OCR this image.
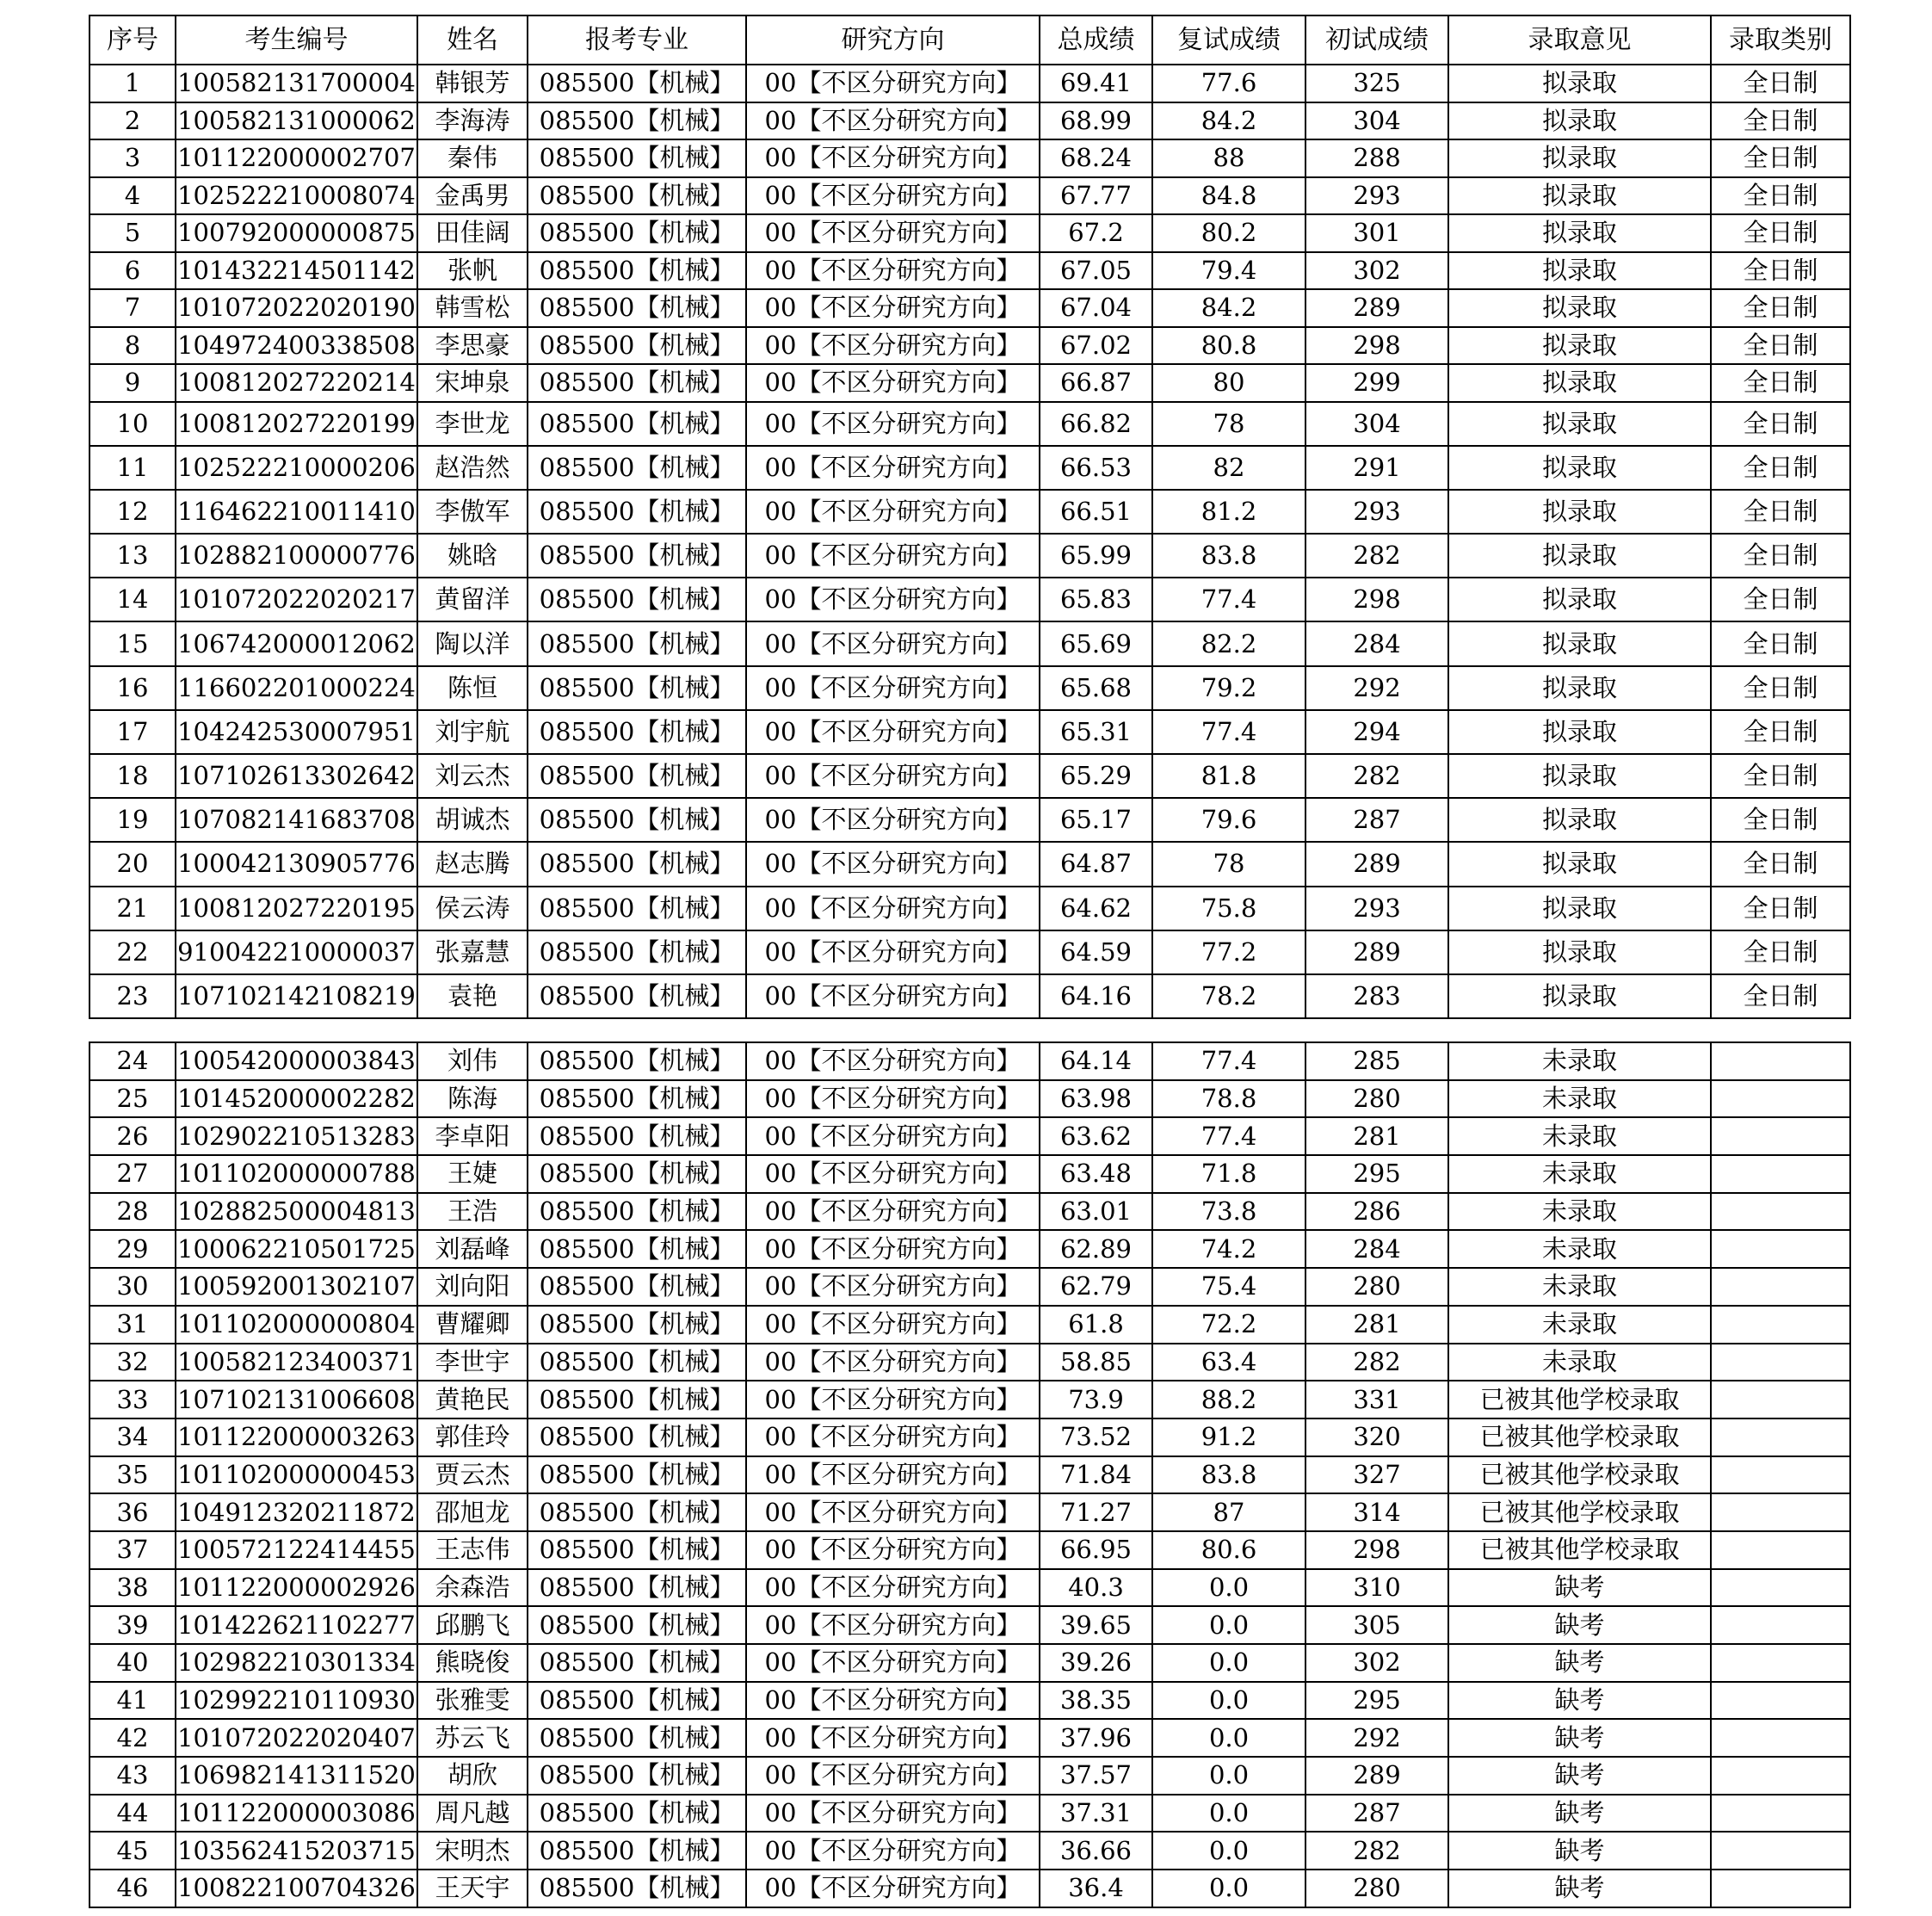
序号	考生编号	姓名	报考专业	研究方向	总成绩	复试成绩	初试成绩	录取意见	录取类别
1	100582131700004	韩银芳	085500【机械】	00【不区分研究方向】	69.41	77.6	325	拟录取	全日制
2	100582131000062	李海涛	085500【机械】	00【不区分研究方向】	68.99	84.2	304	拟录取	全日制
3	101122000002707	秦伟	085500【机械】	00【不区分研究方向】	68.24	88	288	拟录取	全日制
4	102522210008074	金禹男	085500【机械】	00【不区分研究方向】	67.77	84.8	293	拟录取	全日制
5	100792000000875	田佳阔	085500【机械】	00【不区分研究方向】	67.2	80.2	301	拟录取	全日制
6	101432214501142	张帆	085500【机械】	00【不区分研究方向】	67.05	79.4	302	拟录取	全日制
7	101072022020190	韩雪松	085500【机械】	00【不区分研究方向】	67.04	84.2	289	拟录取	全日制
8	104972400338508	李思豪	085500【机械】	00【不区分研究方向】	67.02	80.8	298	拟录取	全日制
9	100812027220214	宋坤泉	085500【机械】	00【不区分研究方向】	66.87	80	299	拟录取	全日制
10	100812027220199	李世龙	085500【机械】	00【不区分研究方向】	66.82	78	304	拟录取	全日制
11	102522210000206	赵浩然	085500【机械】	00【不区分研究方向】	66.53	82	291	拟录取	全日制
12	116462210011410	李傲军	085500【机械】	00【不区分研究方向】	66.51	81.2	293	拟录取	全日制
13	102882100000776	姚晗	085500【机械】	00【不区分研究方向】	65.99	83.8	282	拟录取	全日制
14	101072022020217	黄留洋	085500【机械】	00【不区分研究方向】	65.83	77.4	298	拟录取	全日制
15	106742000012062	陶以洋	085500【机械】	00【不区分研究方向】	65.69	82.2	284	拟录取	全日制
16	116602201000224	陈恒	085500【机械】	00【不区分研究方向】	65.68	79.2	292	拟录取	全日制
17	104242530007951	刘宇航	085500【机械】	00【不区分研究方向】	65.31	77.4	294	拟录取	全日制
18	107102613302642	刘云杰	085500【机械】	00【不区分研究方向】	65.29	81.8	282	拟录取	全日制
19	107082141683708	胡诚杰	085500【机械】	00【不区分研究方向】	65.17	79.6	287	拟录取	全日制
20	100042130905776	赵志腾	085500【机械】	00【不区分研究方向】	64.87	78	289	拟录取	全日制
21	100812027220195	侯云涛	085500【机械】	00【不区分研究方向】	64.62	75.8	293	拟录取	全日制
22	910042210000037	张嘉慧	085500【机械】	00【不区分研究方向】	64.59	77.2	289	拟录取	全日制
23	107102142108219	袁艳	085500【机械】	00【不区分研究方向】	64.16	78.2	283	拟录取	全日制
24	100542000003843	刘伟	085500【机械】	00【不区分研究方向】	64.14	77.4	285	未录取	
25	101452000002282	陈海	085500【机械】	00【不区分研究方向】	63.98	78.8	280	未录取	
26	102902210513283	李卓阳	085500【机械】	00【不区分研究方向】	63.62	77.4	281	未录取	
27	101102000000788	王婕	085500【机械】	00【不区分研究方向】	63.48	71.8	295	未录取	
28	102882500004813	王浩	085500【机械】	00【不区分研究方向】	63.01	73.8	286	未录取	
29	100062210501725	刘磊峰	085500【机械】	00【不区分研究方向】	62.89	74.2	284	未录取	
30	100592001302107	刘向阳	085500【机械】	00【不区分研究方向】	62.79	75.4	280	未录取	
31	101102000000804	曹耀卿	085500【机械】	00【不区分研究方向】	61.8	72.2	281	未录取	
32	100582123400371	李世宇	085500【机械】	00【不区分研究方向】	58.85	63.4	282	未录取	
33	107102131006608	黄艳民	085500【机械】	00【不区分研究方向】	73.9	88.2	331	已被其他学校录取	
34	101122000003263	郭佳玲	085500【机械】	00【不区分研究方向】	73.52	91.2	320	已被其他学校录取	
35	101102000000453	贾云杰	085500【机械】	00【不区分研究方向】	71.84	83.8	327	已被其他学校录取	
36	104912320211872	邵旭龙	085500【机械】	00【不区分研究方向】	71.27	87	314	已被其他学校录取	
37	100572122414455	王志伟	085500【机械】	00【不区分研究方向】	66.95	80.6	298	已被其他学校录取	
38	101122000002926	余森浩	085500【机械】	00【不区分研究方向】	40.3	0.0	310	缺考	
39	101422621102277	邱鹏飞	085500【机械】	00【不区分研究方向】	39.65	0.0	305	缺考	
40	102982210301334	熊晓俊	085500【机械】	00【不区分研究方向】	39.26	0.0	302	缺考	
41	102992210110930	张雅雯	085500【机械】	00【不区分研究方向】	38.35	0.0	295	缺考	
42	101072022020407	苏云飞	085500【机械】	00【不区分研究方向】	37.96	0.0	292	缺考	
43	106982141311520	胡欣	085500【机械】	00【不区分研究方向】	37.57	0.0	289	缺考	
44	101122000003086	周凡越	085500【机械】	00【不区分研究方向】	37.31	0.0	287	缺考	
45	103562415203715	宋明杰	085500【机械】	00【不区分研究方向】	36.66	0.0	282	缺考	
46	100822100704326	王天宇	085500【机械】	00【不区分研究方向】	36.4	0.0	280	缺考	
